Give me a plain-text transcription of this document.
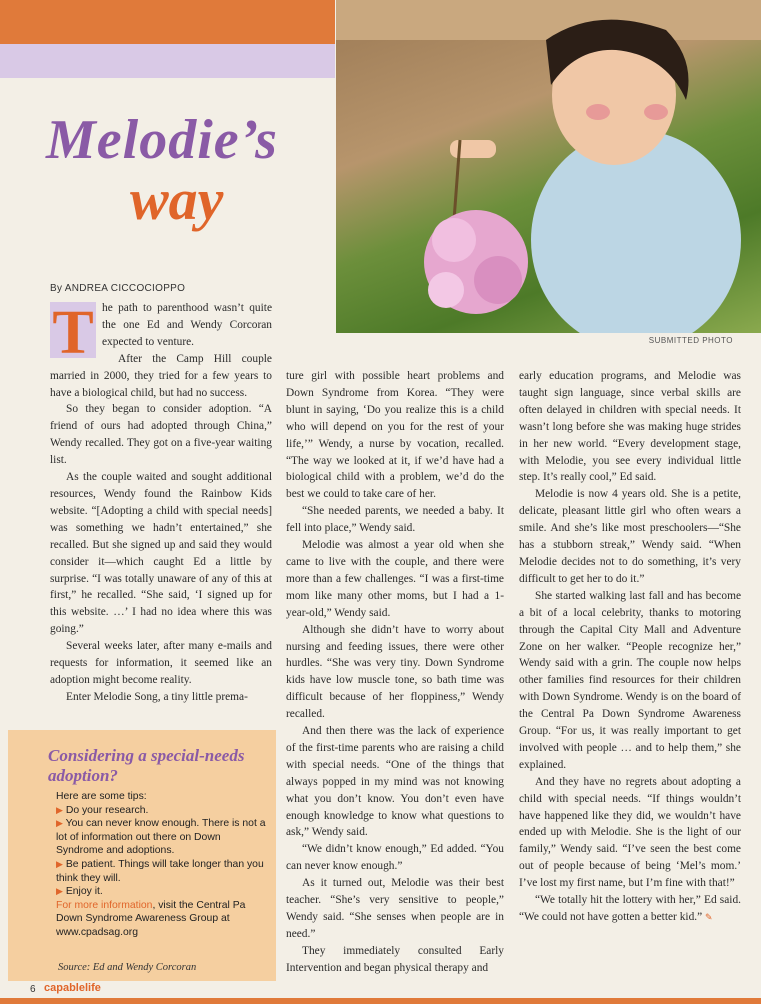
SUBMITTED PHOTO
Melodie’s
way
By ANDREA CICCOCIOPPO

T he path to parenthood wasn’t quite the one Ed and Wendy Corcoran expected to venture.

After the Camp Hill couple married in 2000, they tried for a few years to have a biological child, but had no success.

So they began to consider adoption. “A friend of ours had adopted through China,” Wendy recalled. They got on a five-year waiting list.

As the couple waited and sought additional resources, Wendy found the Rainbow Kids website. “[Adopting a child with special needs] was something we hadn’t entertained,” she recalled. But she signed up and said they would consider it—which caught Ed a little by surprise. “I was totally unaware of any of this at first,” he recalled. “She said, ‘I signed up for this website. …’ I had no idea where this was going.”

Several weeks later, after many e-mails and requests for information, it seemed like an adoption might become reality.

Enter Melodie Song, a tiny little prema-

ture girl with possible heart problems and Down Syndrome from Korea. “They were blunt in saying, ‘Do you realize this is a child who will depend on you for the rest of your life,’” Wendy, a nurse by vocation, recalled. “The way we looked at it, if we’d have had a biological child with a problem, we’d do the best we could to take care of her.

“She needed parents, we needed a baby. It fell into place,” Wendy said.

Melodie was almost a year old when she came to live with the couple, and there were more than a few challenges. “I was a first-time mom like many other moms, but I had a 1-year-old,” Wendy said.

Although she didn’t have to worry about nursing and feeding issues, there were other hurdles. “She was very tiny. Down Syndrome kids have low muscle tone, so bath time was difficult because of her floppiness,” Wendy recalled.

And then there was the lack of experience of the first-time parents who are raising a child with special needs. “One of the things that always popped in my mind was not knowing what you don’t know. You don’t even have enough knowledge to know what questions to ask,” Wendy said.

“We didn’t know enough,” Ed added. “You can never know enough.”

As it turned out, Melodie was their best teacher. “She’s very sensitive to people,” Wendy said. “She senses when people are in need.”

They immediately consulted Early Intervention and began physical therapy and

early education programs, and Melodie was taught sign language, since verbal skills are often delayed in children with special needs. It wasn’t long before she was making huge strides in her new world. “Every development stage, with Melodie, you see every individual little step. It’s really cool,” Ed said.

Melodie is now 4 years old. She is a petite, delicate, pleasant little girl who often wears a smile. And she’s like most preschoolers—“She has a stubborn streak,” Wendy said. “When Melodie decides not to do something, it’s very difficult to get her to do it.”

She started walking last fall and has become a bit of a local celebrity, thanks to motoring through the Capital City Mall and Adventure Zone on her walker. “People recognize her,” Wendy said with a grin. The couple now helps other families find resources for their children with Down Syndrome. Wendy is on the board of the Central Pa Down Syndrome Awareness Group. “For us, it was really important to get involved with people … and to help them,” she explained.

And they have no regrets about adopting a child with special needs. “If things wouldn’t have happened like they did, we wouldn’t have ended up with Melodie. She is the light of our family,” Wendy said. “I’ve seen the best come out of people because of being ‘Mel’s mom.’ I’ve lost my first name, but I’m fine with that!”

“We totally hit the lottery with her,” Ed said. “We could not have gotten a better kid.” ✎

Considering a special-needs adoption?
Here are some tips:
▶ Do your research.
▶ You can never know enough. There is not a lot of information out there on Down Syndrome and adoptions.
▶ Be patient. Things will take longer than you think they will.
▶ Enjoy it.
For more information, visit the Central Pa Down Syndrome Awareness Group at www.cpadsag.org
Source: Ed and Wendy Corcoran
6 capablelife
